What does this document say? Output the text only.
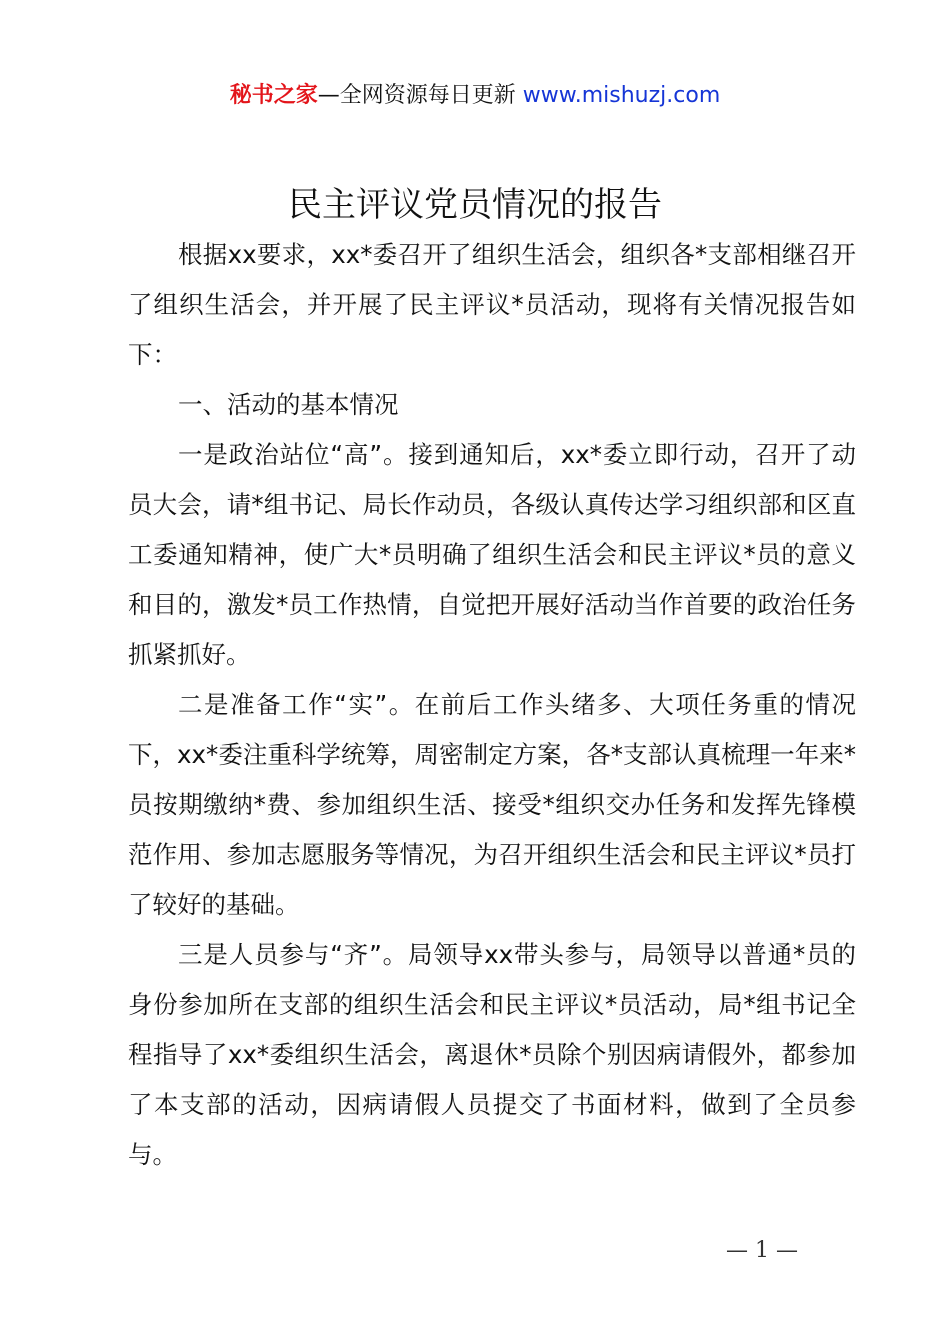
秘书之家—全网资源每日更新 www.mishuzj.com
民主评议党员情况的报告

根据xx要求，xx*委召开了组织生活会，组织各*支部相继召开了组织生活会，并开展了民主评议*员活动，现将有关情况报告如下：

一、活动的基本情况

一是政治站位“高”。接到通知后，xx*委立即行动，召开了动员大会，请*组书记、局长作动员，各级认真传达学习组织部和区直工委通知精神，使广大*员明确了组织生活会和民主评议*员的意义和目的，激发*员工作热情，自觉把开展好活动当作首要的政治任务抓紧抓好。

二是准备工作“实”。在前后工作头绪多、大项任务重的情况下，xx*委注重科学统筹，周密制定方案，各*支部认真梳理一年来*员按期缴纳*费、参加组织生活、接受*组织交办任务和发挥先锋模范作用、参加志愿服务等情况，为召开组织生活会和民主评议*员打了较好的基础。

三是人员参与“齐”。局领导xx带头参与，局领导以普通*员的身份参加所在支部的组织生活会和民主评议*员活动，局*组书记全程指导了xx*委组织生活会，离退休*员除个别因病请假外，都参加了本支部的活动，因病请假人员提交了书面材料，做到了全员参与。

— 1 —
